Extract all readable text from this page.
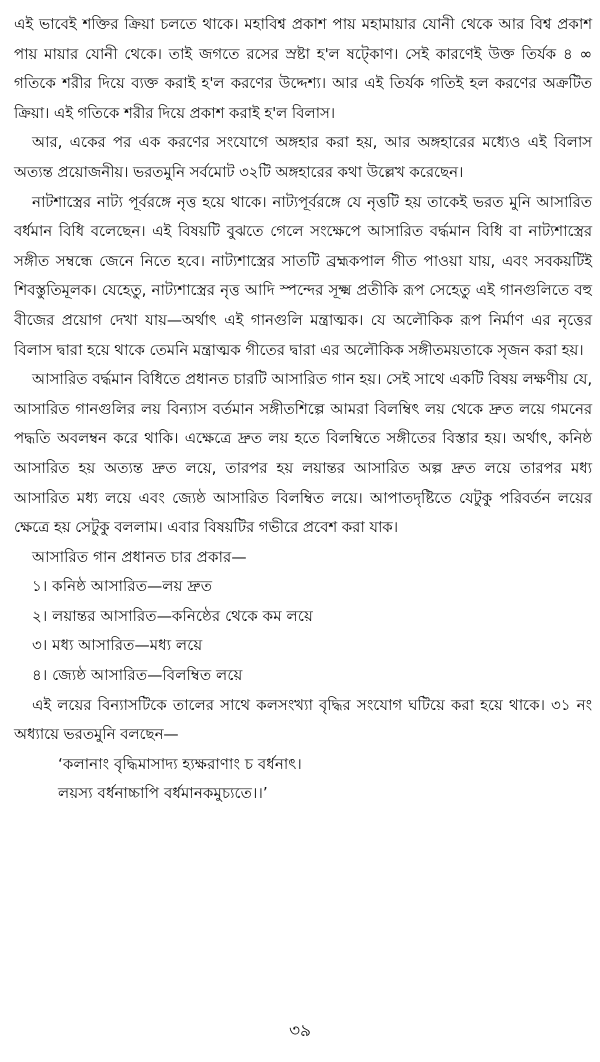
এই ভাবেই শক্তির ক্রিয়া চলতে থাকে। মহাবিশ্ব প্রকাশ পায় মহামায়ার যোনী থেকে আর বিশ্ব প্রকাশ পায় মায়ার যোনী থেকে। তাই জগতে রসের স্রষ্টা হ'ল ষট্কোণ। সেই কারণেই উক্ত তির্যক ৪ ∞ গতিকে শরীর দিয়ে ব্যক্ত করাই হ'ল করণের উদ্দেশ্য। আর এই তির্যক গতিই হল করণের অক্রটিত ক্রিয়া। এই গতিকে শরীর দিয়ে প্রকাশ করাই হ'ল বিলাস।

আর, একের পর এক করণের সংযোগে অঙ্গহার করা হয়, আর অঙ্গহারের মধ্যেও এই বিলাস অত্যন্ত প্রয়োজনীয়। ভরতমুনি সর্বমোট ৩২টি অঙ্গহারের কথা উল্লেখ করেছেন।

নাটশাস্ত্রের নাট্য পূর্বরঙ্গে নৃত্ত হয়ে থাকে। নাট্যপূর্বরঙ্গে যে নৃত্তটি হয় তাকেই ভরত মুনি আসারিত বর্ধমান বিধি বলেছেন। এই বিষয়টি বুঝতে গেলে সংক্ষেপে আসারিত বর্দ্ধমান বিধি বা নাট্যশাস্ত্রের সঙ্গীত সম্বন্ধে জেনে নিতে হবে। নাট্যশাস্ত্রের সাতটি ব্রহ্মকপাল গীত পাওয়া যায়, এবং সবকয়টিই শিবস্তুতিমূলক। যেহেতু, নাট্যশাস্ত্রের নৃত্ত আদি স্পন্দের সূক্ষ্ম প্রতীকি রূপ সেহেতু এই গানগুলিতে বহু বীজের প্রয়োগ দেখা যায়—অর্থাৎ এই গানগুলি মন্ত্রাত্মক। যে অলৌকিক রূপ নির্মাণ এর নৃত্তের বিলাস দ্বারা হয়ে থাকে তেমনি মন্ত্রাত্মক গীতের দ্বারা এর অলৌকিক সঙ্গীতময়তাকে সৃজন করা হয়।

আসারিত বর্দ্ধমান বিধিতে প্রধানত চারটি আসারিত গান হয়। সেই সাথে একটি বিষয় লক্ষণীয় যে, আসারিত গানগুলির লয় বিন্যাস বর্তমান সঙ্গীতশিল্পে আমরা বিলম্বিৎ লয় থেকে দ্রুত লয়ে গমনের পদ্ধতি অবলম্বন করে থাকি। এক্ষেত্রে দ্রুত লয় হতে বিলম্বিতে সঙ্গীতের বিস্তার হয়। অর্থাৎ, কনিষ্ঠ আসারিত হয় অত্যন্ত দ্রুত লয়ে, তারপর হয় লয়ান্তর আসারিত অল্প দ্রুত লয়ে তারপর মধ্য আসারিত মধ্য লয়ে এবং জ্যেষ্ঠ আসারিত বিলম্বিত লয়ে। আপাতদৃষ্টিতে যেটুকু পরিবর্তন লয়ের ক্ষেত্রে হয় সেটুকু বললাম। এবার বিষয়টির গভীরে প্রবেশ করা যাক।

আসারিত গান প্রধানত চার প্রকার—

১। কনিষ্ঠ আসারিত—লয় দ্রুত

২। লয়ান্তর আসারিত—কনিষ্ঠের থেকে কম লয়ে

৩। মধ্য আসারিত—মধ্য লয়ে

৪। জ্যেষ্ঠ আসারিত—বিলম্বিত লয়ে

এই লয়ের বিন্যাসটিকে তালের সাথে কলসংখ্যা বৃদ্ধির সংযোগ ঘটিয়ে করা হয়ে থাকে। ৩১ নং অধ্যায়ে ভরতমুনি বলছেন—

‘কলানাং বৃদ্ধিমাসাদ্য হ্যক্ষরাণাং চ বর্ধনাৎ।

লয়স্য বর্ধনাচ্চাপি বর্ধমানকমুচ্যতে।।’

৩৯
